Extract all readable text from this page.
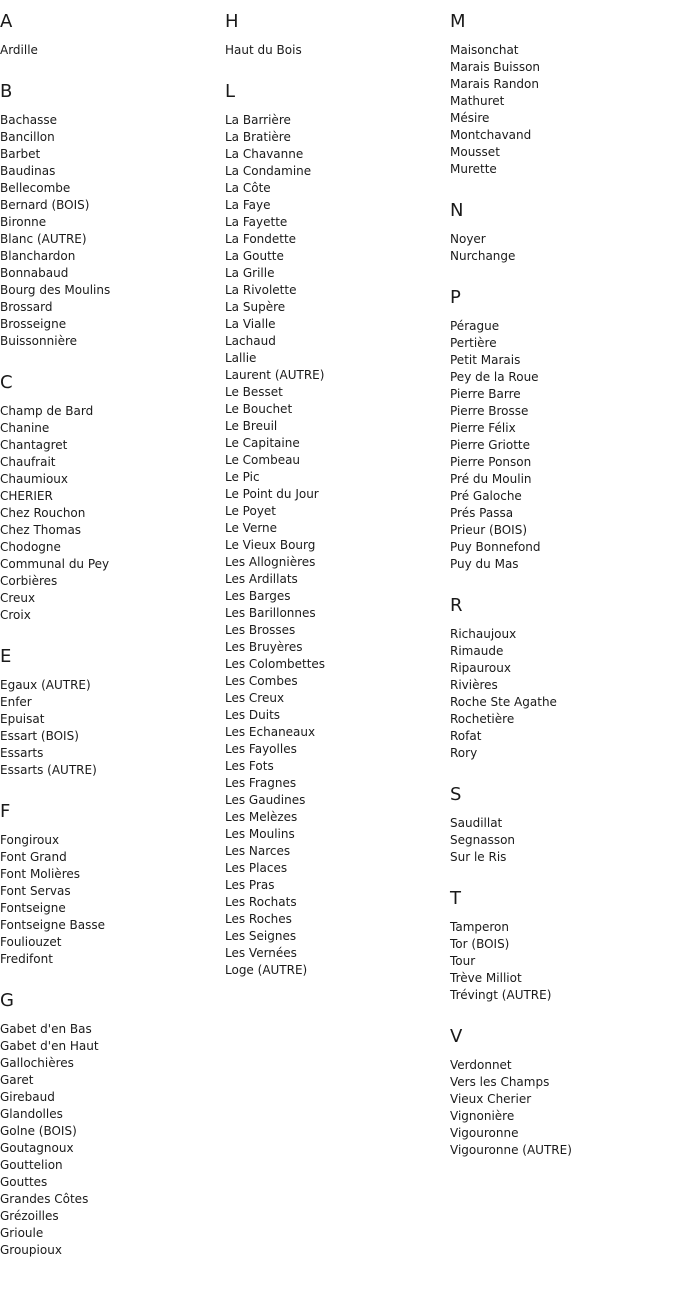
A
Ardille
B
Bachasse
Bancillon
Barbet
Baudinas
Bellecombe
Bernard (BOIS)
Bironne
Blanc (AUTRE)
Blanchardon
Bonnabaud
Bourg des Moulins
Brossard
Brosseigne
Buissonnière
C
Champ de Bard
Chanine
Chantagret
Chaufrait
Chaumioux
CHERIER
Chez Rouchon
Chez Thomas
Chodogne
Communal du Pey
Corbières
Creux
Croix
E
Egaux (AUTRE)
Enfer
Epuisat
Essart (BOIS)
Essarts
Essarts (AUTRE)
F
Fongiroux
Font Grand
Font Molières
Font Servas
Fontseigne
Fontseigne Basse
Fouliouzet
Fredifont
G
Gabet d'en Bas
Gabet d'en Haut
Gallochières
Garet
Girebaud
Glandolles
Golne (BOIS)
Goutagnoux
Gouttelion
Gouttes
Grandes Côtes
Grézoilles
Grioule
Groupioux
H
Haut du Bois
L
La Barrière
La Bratière
La Chavanne
La Condamine
La Côte
La Faye
La Fayette
La Fondette
La Goutte
La Grille
La Rivolette
La Supère
La Vialle
Lachaud
Lallie
Laurent (AUTRE)
Le Besset
Le Bouchet
Le Breuil
Le Capitaine
Le Combeau
Le Pic
Le Point du Jour
Le Poyet
Le Verne
Le Vieux Bourg
Les Allognières
Les Ardillats
Les Barges
Les Barillonnes
Les Brosses
Les Bruyères
Les Colombettes
Les Combes
Les Creux
Les Duits
Les Echaneaux
Les Fayolles
Les Fots
Les Fragnes
Les Gaudines
Les Melèzes
Les Moulins
Les Narces
Les Places
Les Pras
Les Rochats
Les Roches
Les Seignes
Les Vernées
Loge (AUTRE)
M
Maisonchat
Marais Buisson
Marais Randon
Mathuret
Mésire
Montchavand
Mousset
Murette
N
Noyer
Nurchange
P
Pérague
Pertière
Petit Marais
Pey de la Roue
Pierre Barre
Pierre Brosse
Pierre Félix
Pierre Griotte
Pierre Ponson
Pré du Moulin
Pré Galoche
Prés Passa
Prieur (BOIS)
Puy Bonnefond
Puy du Mas
R
Richaujoux
Rimaude
Ripauroux
Rivières
Roche Ste Agathe
Rochetière
Rofat
Rory
S
Saudillat
Segnasson
Sur le Ris
T
Tamperon
Tor (BOIS)
Tour
Trève Milliot
Trévingt (AUTRE)
V
Verdonnet
Vers les Champs
Vieux Cherier
Vignonière
Vigouronne
Vigouronne (AUTRE)
